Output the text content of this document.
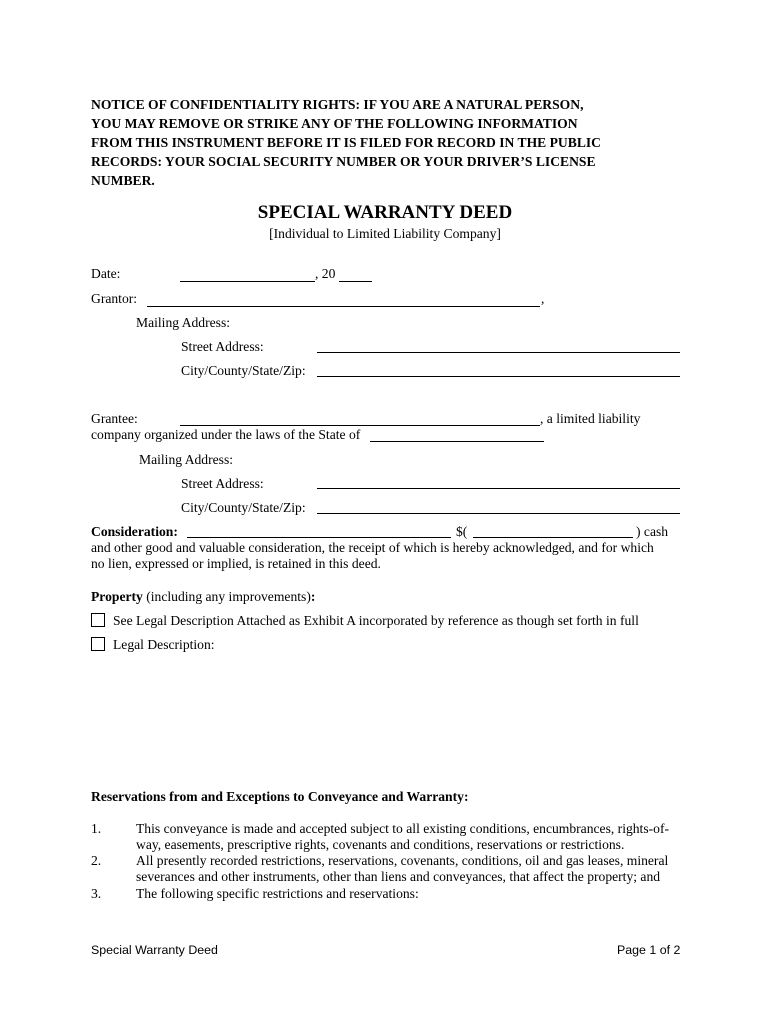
NOTICE OF CONFIDENTIALITY RIGHTS: IF YOU ARE A NATURAL PERSON,
YOU MAY REMOVE OR STRIKE ANY OF THE FOLLOWING INFORMATION
FROM THIS INSTRUMENT BEFORE IT IS FILED FOR RECORD IN THE PUBLIC
RECORDS: YOUR SOCIAL SECURITY NUMBER OR YOUR DRIVER’S LICENSE
NUMBER.
SPECIAL WARRANTY DEED
[Individual to Limited Liability Company]
Date:	, 20
Grantor:	,
Mailing Address:
Street Address:
City/County/State/Zip:
Grantee:	, a limited liability
company organized under the laws of the State of
Mailing Address:
Street Address:
City/County/State/Zip:
Consideration:	$(	) cash
and other good and valuable consideration, the receipt of which is hereby acknowledged, and for which
no lien, expressed or implied, is retained in this deed.
Property (including any improvements):
See Legal Description Attached as Exhibit A incorporated by reference as though set forth in full
Legal Description:
Reservations from and Exceptions to Conveyance and Warranty:
1.	This conveyance is made and accepted subject to all existing conditions, encumbrances, rights-of-
way, easements, prescriptive rights, covenants and conditions, reservations or restrictions.
2.	All presently recorded restrictions, reservations, covenants, conditions, oil and gas leases, mineral
severances and other instruments, other than liens and conveyances, that affect the property; and
3.	The following specific restrictions and reservations:
Special Warranty Deed	Page 1 of 2
